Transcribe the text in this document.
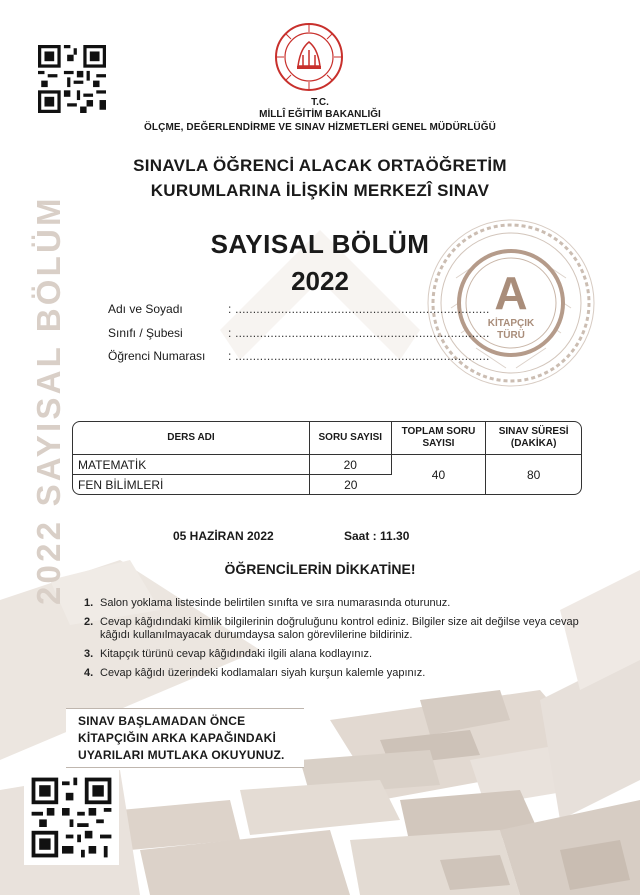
T.C.
MİLLÎ EĞİTİM BAKANLIĞI
ÖLÇME, DEĞERLENDİRME VE SINAV HİZMETLERİ GENEL MÜDÜRLÜĞÜ
SINAVLA ÖĞRENCİ ALACAK ORTAÖĞRETİM
KURUMLARINA İLİŞKİN MERKEZÎ SINAV
2022 SAYISAL BÖLÜM	A
KİTAPÇIK
TÜRÜ
SAYISAL BÖLÜM
2022
Adı ve Soyadı	: ........................................................................
Sınıfı / Şubesi	: ........................................................................
Öğrenci Numarası : ........................................................................
DERS ADI	SORU SAYISI	TOPLAM SORU SAYISI	SINAV SÜRESİ (DAKİKA)
MATEMATİK	20	40	80
FEN BİLİMLERİ	20		
05 HAZİRAN 2022	Saat : 11.30
ÖĞRENCİLERİN DİKKATİNE!
1. Salon yoklama listesinde belirtilen sınıfta ve sıra numarasında oturunuz.
2. Cevap kâğıdındaki kimlik bilgilerinin doğruluğunu kontrol ediniz. Bilgiler size ait değilse veya cevap kâğıdı kullanılmayacak durumdaysa salon görevlilerine bildiriniz.
3. Kitapçık türünü cevap kâğıdındaki ilgili alana kodlayınız.
4. Cevap kâğıdı üzerindeki kodlamaları siyah kurşun kalemle yapınız.
SINAV BAŞLAMADAN ÖNCE
KİTAPÇIĞIN ARKA KAPAĞINDAKİ
UYARILARI MUTLAKA OKUYUNUZ.
